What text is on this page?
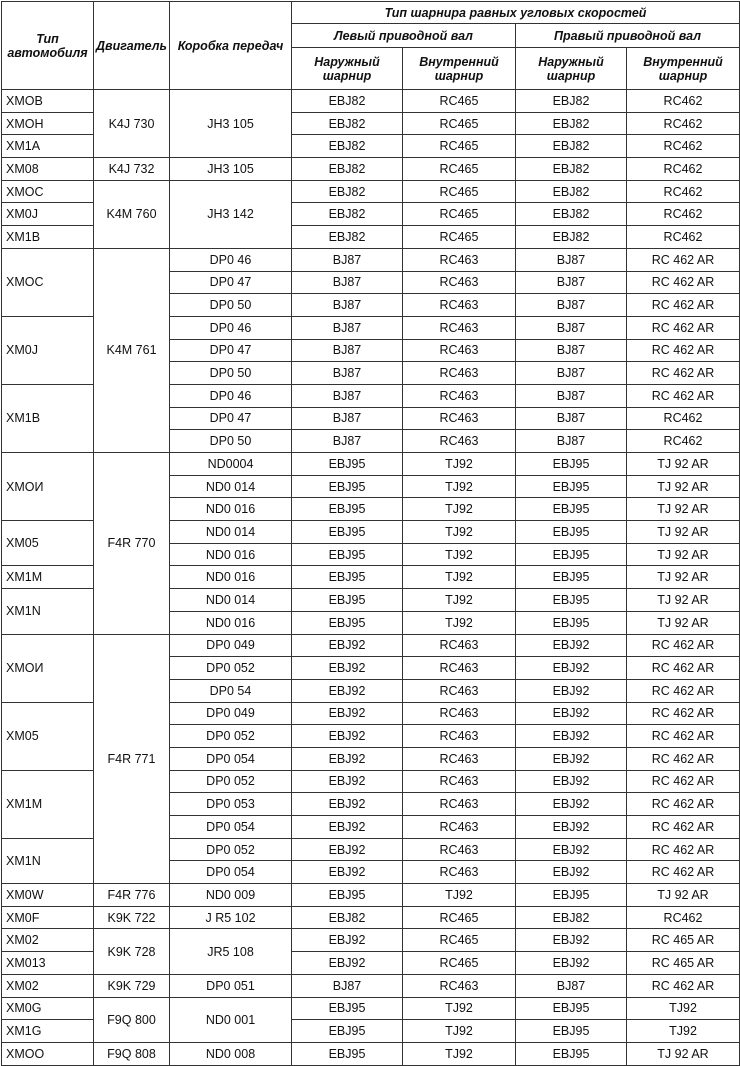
Тип автомобиля	Двигатель	Коробка передач	Тип шарнира равных угловых скоростей			
			Левый приводной вал		Правый приводной вал	
			Наружный шарнир	Внутренний шарнир	Наружный шарнир	Внутренний шарнир
XMOB	K4J 730	JH3 105	EBJ82	RC465	EBJ82	RC462
XMOH			EBJ82	RC465	EBJ82	RC462
XM1A			EBJ82	RC465	EBJ82	RC462
XM08	K4J 732	JH3 105	EBJ82	RC465	EBJ82	RC462
XMOC	K4M 760	JH3 142	EBJ82	RC465	EBJ82	RC462
XM0J			EBJ82	RC465	EBJ82	RC462
XM1B			EBJ82	RC465	EBJ82	RC462
XMOC	K4M 761	DP0 46	BJ87	RC463	BJ87	RC 462 AR
		DP0 47	BJ87	RC463	BJ87	RC 462 AR
		DP0 50	BJ87	RC463	BJ87	RC 462 AR
XM0J		DP0 46	BJ87	RC463	BJ87	RC 462 AR
		DP0 47	BJ87	RC463	BJ87	RC 462 AR
		DP0 50	BJ87	RC463	BJ87	RC 462 AR
XM1B		DP0 46	BJ87	RC463	BJ87	RC 462 AR
		DP0 47	BJ87	RC463	BJ87	RC462
		DP0 50	BJ87	RC463	BJ87	RC462
XMOИ	F4R 770	ND0004	EBJ95	TJ92	EBJ95	TJ 92 AR
		ND0 014	EBJ95	TJ92	EBJ95	TJ 92 AR
		ND0 016	EBJ95	TJ92	EBJ95	TJ 92 AR
XM05		ND0 014	EBJ95	TJ92	EBJ95	TJ 92 AR
		ND0 016	EBJ95	TJ92	EBJ95	TJ 92 AR
XM1M		ND0 016	EBJ95	TJ92	EBJ95	TJ 92 AR
XM1N		ND0 014	EBJ95	TJ92	EBJ95	TJ 92 AR
		ND0 016	EBJ95	TJ92	EBJ95	TJ 92 AR
XMOИ	F4R 771	DP0 049	EBJ92	RC463	EBJ92	RC 462 AR
		DP0 052	EBJ92	RC463	EBJ92	RC 462 AR
		DP0 54	EBJ92	RC463	EBJ92	RC 462 AR
XM05		DP0 049	EBJ92	RC463	EBJ92	RC 462 AR
		DP0 052	EBJ92	RC463	EBJ92	RC 462 AR
		DP0 054	EBJ92	RC463	EBJ92	RC 462 AR
XM1M		DP0 052	EBJ92	RC463	EBJ92	RC 462 AR
		DP0 053	EBJ92	RC463	EBJ92	RC 462 AR
		DP0 054	EBJ92	RC463	EBJ92	RC 462 AR
XM1N		DP0 052	EBJ92	RC463	EBJ92	RC 462 AR
		DP0 054	EBJ92	RC463	EBJ92	RC 462 AR
XM0W	F4R 776	ND0 009	EBJ95	TJ92	EBJ95	TJ 92 AR
XM0F	K9K 722	J R5 102	EBJ82	RC465	EBJ82	RC462
XM02	K9K 728	JR5 108	EBJ92	RC465	EBJ92	RC 465 AR
XM013			EBJ92	RC465	EBJ92	RC 465 AR
XM02	K9K 729	DP0 051	BJ87	RC463	BJ87	RC 462 AR
XM0G	F9Q 800	ND0 001	EBJ95	TJ92	EBJ95	TJ92
XM1G			EBJ95	TJ92	EBJ95	TJ92
XMOO	F9Q 808	ND0 008	EBJ95	TJ92	EBJ95	TJ 92 AR
